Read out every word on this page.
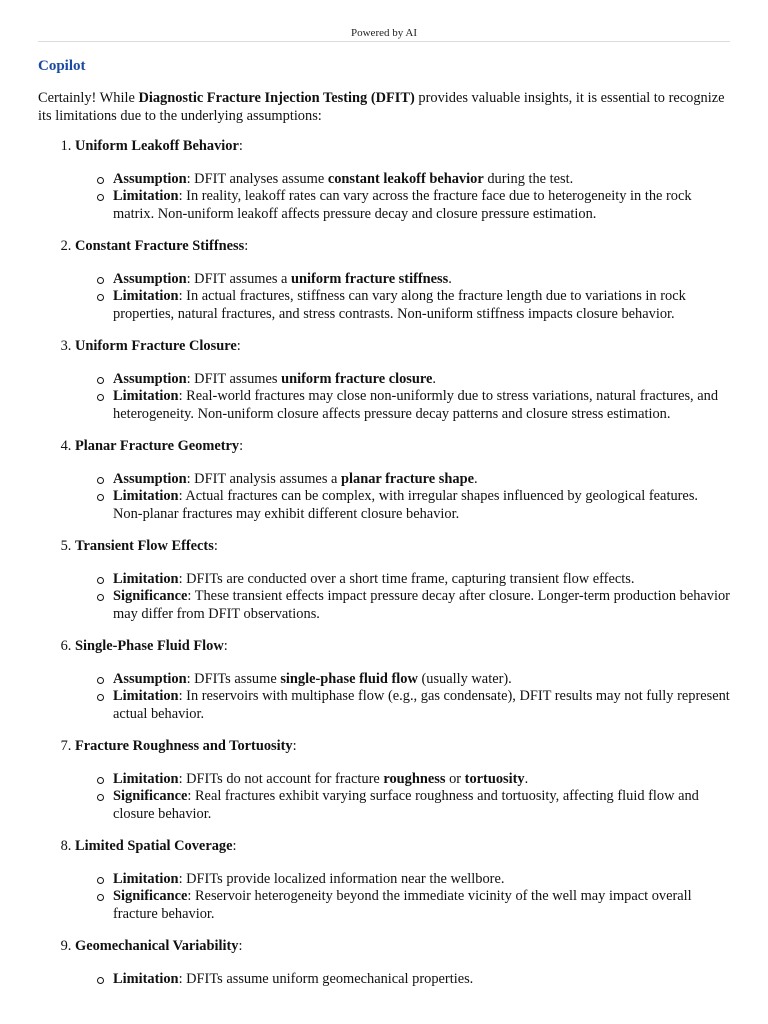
Powered by AI
Copilot

Certainly! While Diagnostic Fracture Injection Testing (DFIT) provides valuable insights, it is essential to recognize its limitations due to the underlying assumptions:

1. Uniform Leakoff Behavior:
Assumption: DFIT analyses assume constant leakoff behavior during the test.
Limitation: In reality, leakoff rates can vary across the fracture face due to heterogeneity in the rock matrix. Non-uniform leakoff affects pressure decay and closure pressure estimation.
2. Constant Fracture Stiffness:
Assumption: DFIT assumes a uniform fracture stiffness.
Limitation: In actual fractures, stiffness can vary along the fracture length due to variations in rock properties, natural fractures, and stress contrasts. Non-uniform stiffness impacts closure behavior.
3. Uniform Fracture Closure:
Assumption: DFIT assumes uniform fracture closure.
Limitation: Real-world fractures may close non-uniformly due to stress variations, natural fractures, and heterogeneity. Non-uniform closure affects pressure decay patterns and closure stress estimation.
4. Planar Fracture Geometry:
Assumption: DFIT analysis assumes a planar fracture shape.
Limitation: Actual fractures can be complex, with irregular shapes influenced by geological features. Non-planar fractures may exhibit different closure behavior.
5. Transient Flow Effects:
Limitation: DFITs are conducted over a short time frame, capturing transient flow effects.
Significance: These transient effects impact pressure decay after closure. Longer-term production behavior may differ from DFIT observations.
6. Single-Phase Fluid Flow:
Assumption: DFITs assume single-phase fluid flow (usually water).
Limitation: In reservoirs with multiphase flow (e.g., gas condensate), DFIT results may not fully represent actual behavior.
7. Fracture Roughness and Tortuosity:
Limitation: DFITs do not account for fracture roughness or tortuosity.
Significance: Real fractures exhibit varying surface roughness and tortuosity, affecting fluid flow and closure behavior.
8. Limited Spatial Coverage:
Limitation: DFITs provide localized information near the wellbore.
Significance: Reservoir heterogeneity beyond the immediate vicinity of the well may impact overall fracture behavior.
9. Geomechanical Variability:
Limitation: DFITs assume uniform geomechanical properties.
